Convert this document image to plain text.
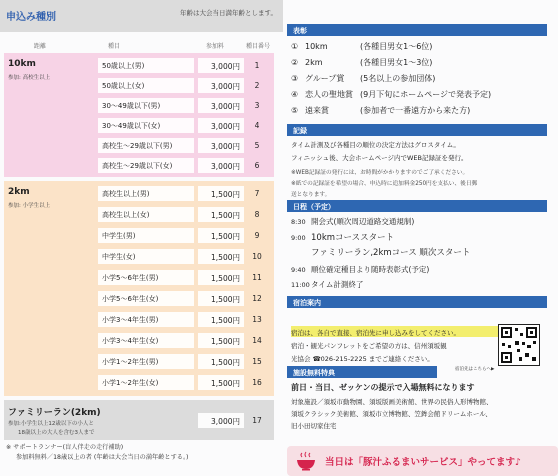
申込み種別	年齢は大会当日満年齢とします。
距離	種目	参加料	種目番号
10km
参加: 高校生以上
50歳以上(男)	3,000円	1
50歳以上(女)	3,000円	2
30～49歳以下(男)	3,000円	3
30～49歳以下(女)	3,000円	4
高校生～29歳以下(男)	3,000円	5
高校生～29歳以下(女)	3,000円	6
2km
参加: 小学生以上
高校生以上(男)	1,500円	7
高校生以上(女)	1,500円	8
中学生(男)	1,500円	9
中学生(女)	1,500円	10
小学5～6年生(男)	1,500円	11
小学5～6年生(女)	1,500円	12
小学3～4年生(男)	1,500円	13
小学3～4年生(女)	1,500円	14
小学1～2年生(男)	1,500円	15
小学1～2年生(女)	1,500円	16
ファミリーラン(2km)
参加:小学生以上12歳以下の小人と
18歳以上の大人を含む3人まで
3,000円	17
※ サポートランナー(盲人伴走の走行補助)
参加料無料／18歳以上の者 (年齢は大会当日の満年齢とする。)
表彰
① 10km	(各種目男女1～6位)
② 2km	(各種目男女1～3位)
③ グループ賞 (5名以上の参加団体)
④ 恋人の聖地賞 (9月下旬にホームページで発表予定)
⑤ 遠来賞	(参加者で一番遠方から来た方)
記録
タイム計測及び各種目の順位の決定方法はグロスタイム。
フィニッシュ後、大会ホームページ内でWEB記録証を発行。
※WEB記録証の発行には、お時間がかかりますのでご了承ください。
※紙での記録証を希望の場合、申込時に追加料金250円を支払い、後日郵
送となります。
日程（予定）
8:30 開会式(順次周辺道路交通規制)
9:00 10kmコーススタート
ファミリーラン,2kmコース 順次スタート
9:40 順位確定種目より随時表彰式(予定)
11:00タイム計測終了
宿泊案内
宿泊は、各自で直接、宿泊先に申し込みをしてください。
宿泊・観光パンフレットをご希望の方は、信州須坂観
光協会 ☎026-215-2225 までご連絡ください。
宿泊先はこちらへ▶
施設無料特典
前日・当日、ゼッケンの提示で入場無料になります
対象施設／須坂市動物園、須坂版画美術館、世界の民俗人形博物館、
須坂クラシック美術館、須坂市立博物館、笠鉾会館ドリームホール、
旧小田切家住宅
当日は「豚汁ふるまいサービス」やってます♪
